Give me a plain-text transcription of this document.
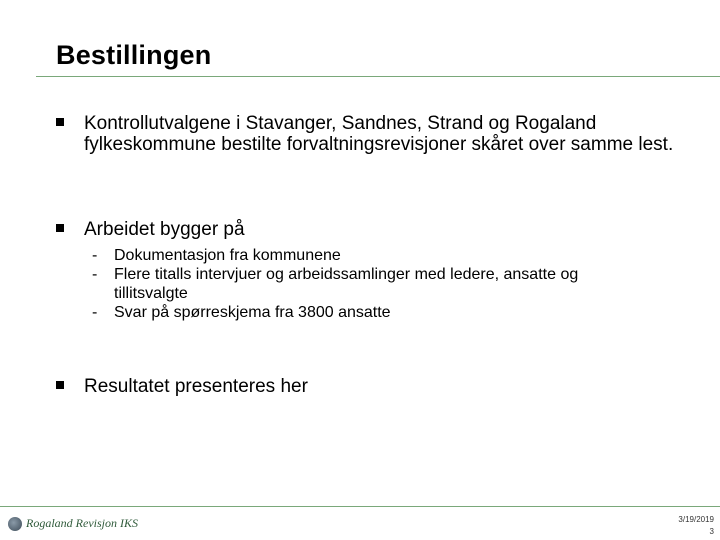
Bestillingen
Kontrollutvalgene i Stavanger, Sandnes, Strand og Rogaland fylkeskommune bestilte forvaltningsrevisjoner skåret over samme lest.
Arbeidet bygger på
- Dokumentasjon fra kommunene
- Flere titalls intervjuer og arbeidssamlinger med ledere, ansatte og tillitsvalgte
- Svar på spørreskjema fra 3800 ansatte
Resultatet presenteres her
Rogaland Revisjon IKS	3/19/2019
3
